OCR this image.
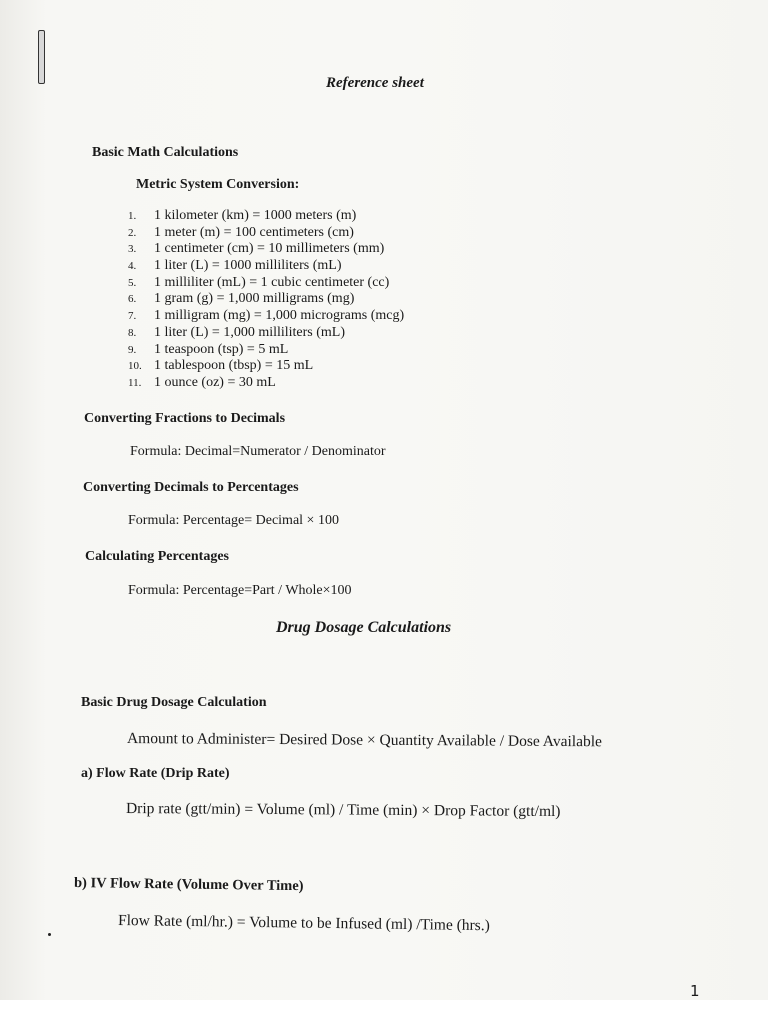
Reference sheet
Basic Math Calculations
Metric System Conversion:
1. 1 kilometer (km) = 1000 meters (m)
2. 1 meter (m) = 100 centimeters (cm)
3. 1 centimeter (cm) = 10 millimeters (mm)
4. 1 liter (L) = 1000 milliliters (mL)
5. 1 milliliter (mL) = 1 cubic centimeter (cc)
6. 1 gram (g) = 1,000 milligrams (mg)
7. 1 milligram (mg) = 1,000 micrograms (mcg)
8. 1 liter (L) = 1,000 milliliters (mL)
9. 1 teaspoon (tsp) = 5 mL
10. 1 tablespoon (tbsp) = 15 mL
11. 1 ounce (oz) = 30 mL
Converting Fractions to Decimals
Formula: Decimal=Numerator / Denominator
Converting Decimals to Percentages
Formula: Percentage= Decimal × 100
Calculating Percentages
Formula: Percentage=Part / Whole×100
Drug Dosage Calculations
Basic Drug Dosage Calculation
Amount to Administer= Desired Dose × Quantity Available / Dose Available
a) Flow Rate (Drip Rate)
Drip rate (gtt/min) = Volume (ml) / Time (min) × Drop Factor (gtt/ml)
b) IV Flow Rate (Volume Over Time)
Flow Rate (ml/hr.) = Volume to be Infused (ml) /Time (hrs.)
1
